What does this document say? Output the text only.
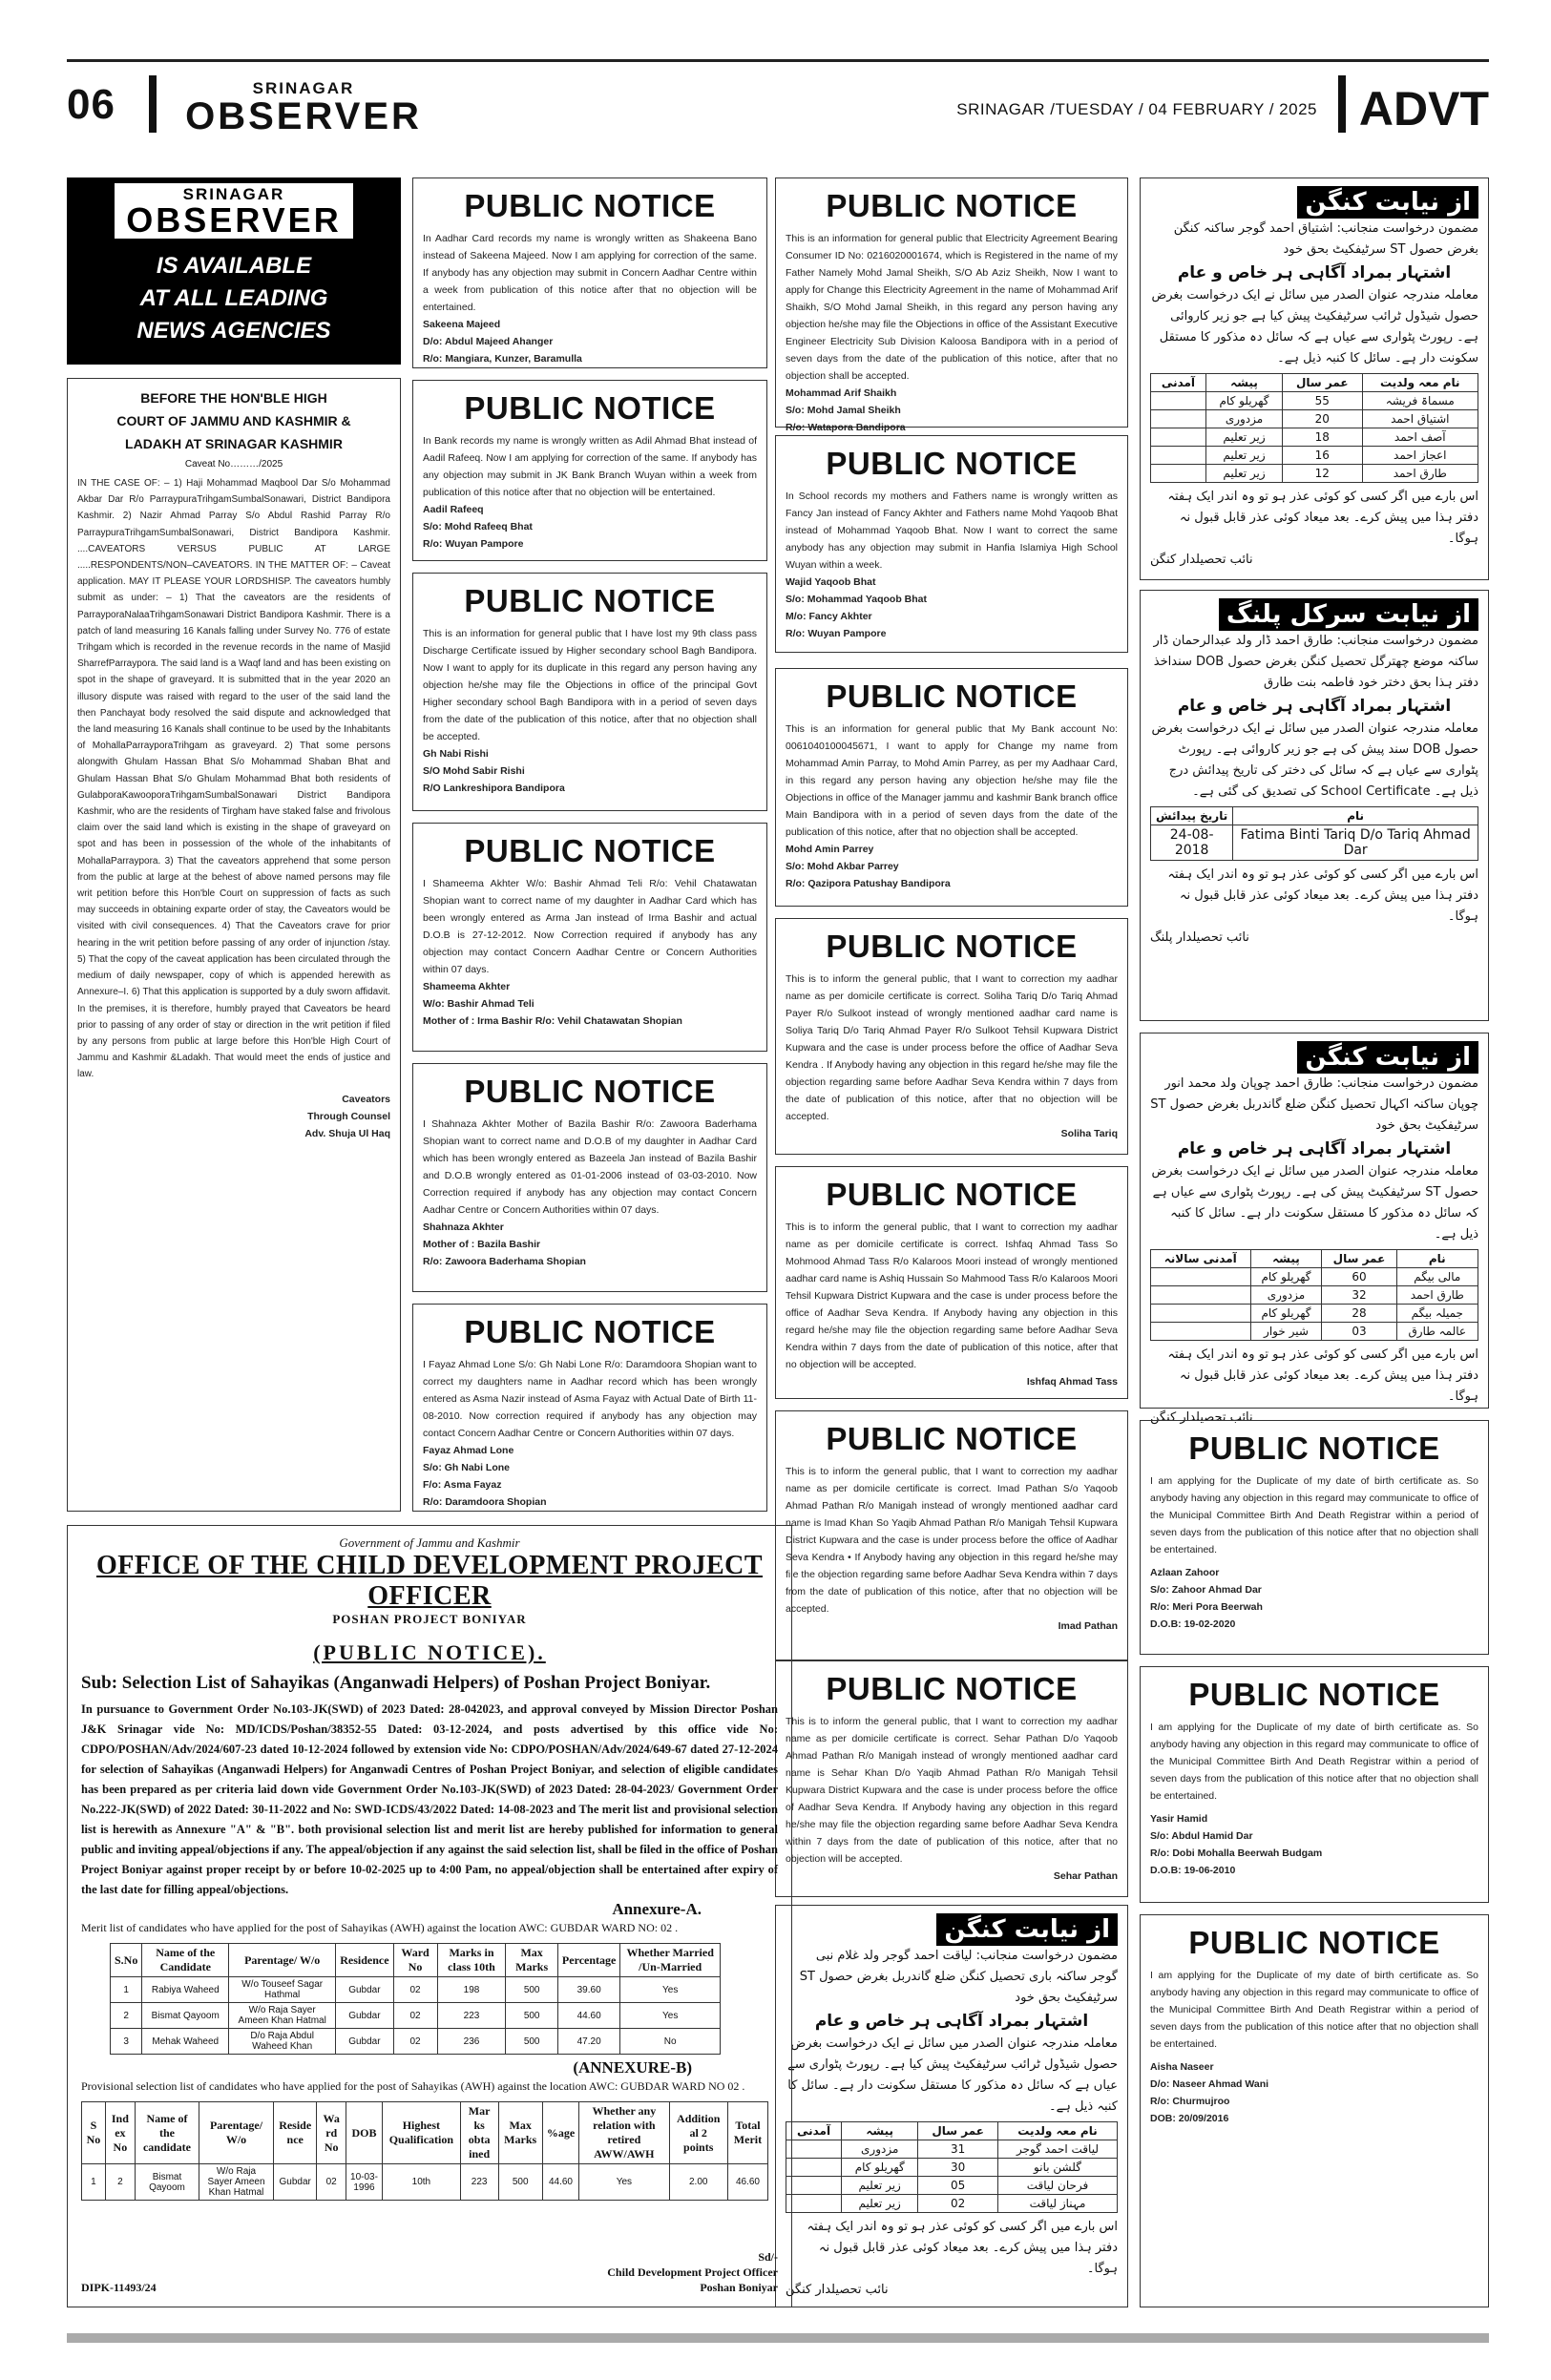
06	SRINAGAR
OBSERVER	SRINAGAR /TUESDAY / 04 FEBRUARY / 2025 ADVT
SRINAGAR
OBSERVER
IS AVAILABLE
AT ALL LEADING
NEWS AGENCIES
BEFORE THE HON'BLE HIGH
COURT OF JAMMU AND KASHMIR &
LADAKH AT SRINAGAR KASHMIR
Caveat No………/2025

IN THE CASE OF: – 1) Haji Mohammad Maqbool Dar S/o Mohammad Akbar Dar R/o ParraypuraTrihgamSumbalSonawari, District Bandipora Kashmir. 2) Nazir Ahmad Parray S/o Abdul Rashid Parray R/o ParraypuraTrihgamSumbalSonawari, District Bandipora Kashmir. ....CAVEATORS VERSUS PUBLIC AT LARGE .....RESPONDENTS/NON–CAVEATORS. IN THE MATTER OF: – Caveat application. MAY IT PLEASE YOUR LORDSHISP. The caveators humbly submit as under: – 1) That the caveators are the residents of ParrayporaNalaaTrihgamSonawari District Bandipora Kashmir. There is a patch of land measuring 16 Kanals falling under Survey No. 776 of estate Trihgam which is recorded in the revenue records in the name of Masjid SharrefParraypora. The said land is a Waqf land and has been existing on spot in the shape of graveyard. It is submitted that in the year 2020 an illusory dispute was raised with regard to the user of the said land the then Panchayat body resolved the said dispute and acknowledged that the land measuring 16 Kanals shall continue to be used by the Inhabitants of MohallaParrayporaTrihgam as graveyard. 2) That some persons alongwith Ghulam Hassan Bhat S/o Mohammad Shaban Bhat and Ghulam Hassan Bhat S/o Ghulam Mohammad Bhat both residents of GulabporaKawooporaTrihgamSumbalSonawari District Bandipora Kashmir, who are the residents of Tirgham have staked false and frivolous claim over the said land which is existing in the shape of graveyard on spot and has been in possession of the whole of the inhabitants of MohallaParraypora. 3) That the caveators apprehend that some person from the public at large at the behest of above named persons may file writ petition before this Hon'ble Court on suppression of facts as such may succeeds in obtaining exparte order of stay, the Caveators would be visited with civil consequences. 4) That the Caveators crave for prior hearing in the writ petition before passing of any order of injunction /stay. 5) That the copy of the caveat application has been circulated through the medium of daily newspaper, copy of which is appended herewith as Annexure–I. 6) That this application is supported by a duly sworn affidavit. In the premises, it is therefore, humbly prayed that Caveators be heard prior to passing of any order of stay or direction in the writ petition if filed by any persons from public at large before this Hon'ble High Court of Jammu and Kashmir &Ladakh. That would meet the ends of justice and law.

Caveators
Through Counsel
Adv. Shuja Ul Haq
PUBLIC NOTICE
In Aadhar Card records my name is wrongly written as Shakeena Bano instead of Sakeena Majeed. Now I am applying for correction of the same. If anybody has any objection may submit in Concern Aadhar Centre within a week from publication of this notice after that no objection will be entertained.
Sakeena Majeed
D/o: Abdul Majeed Ahanger
R/o: Mangiara, Kunzer, Baramulla
PUBLIC NOTICE
In Bank records my name is wrongly written as Adil Ahmad Bhat instead of Aadil Rafeeq. Now I am applying for correction of the same. If anybody has any objection may submit in JK Bank Branch Wuyan within a week from publication of this notice after that no objection will be entertained.
Aadil Rafeeq
S/o: Mohd Rafeeq Bhat
R/o: Wuyan Pampore
PUBLIC NOTICE
This is an information for general public that I have lost my 9th class pass Discharge Certificate issued by Higher secondary school Bagh Bandipora. Now I want to apply for its duplicate in this regard any person having any objection he/she may file the Objections in office of the principal Govt Higher secondary school Bagh Bandipora with in a period of seven days from the date of the publication of this notice, after that no objection shall be accepted.
Gh Nabi Rishi
S/O Mohd Sabir Rishi
R/O Lankreshipora Bandipora
PUBLIC NOTICE
I Shameema Akhter W/o: Bashir Ahmad Teli R/o: Vehil Chatawatan Shopian want to correct name of my daughter in Aadhar Card which has been wrongly entered as Arma Jan instead of Irma Bashir and actual D.O.B is 27-12-2012. Now Correction required if anybody has any objection may contact Concern Aadhar Centre or Concern Authorities within 07 days.
Shameema Akhter
W/o: Bashir Ahmad Teli
Mother of : Irma Bashir R/o: Vehil Chatawatan Shopian
PUBLIC NOTICE
I Shahnaza Akhter Mother of Bazila Bashir R/o: Zawoora Baderhama Shopian want to correct name and D.O.B of my daughter in Aadhar Card which has been wrongly entered as Bazeela Jan instead of Bazila Bashir and D.O.B wrongly entered as 01-01-2006 instead of 03-03-2010. Now Correction required if anybody has any objection may contact Concern Aadhar Centre or Concern Authorities within 07 days.
Shahnaza Akhter
Mother of : Bazila Bashir
R/o: Zawoora Baderhama Shopian
PUBLIC NOTICE
I Fayaz Ahmad Lone S/o: Gh Nabi Lone R/o: Daramdoora Shopian want to correct my daughters name in Aadhar record which has been wrongly entered as Asma Nazir instead of Asma Fayaz with Actual Date of Birth 11-08-2010. Now correction required if anybody has any objection may contact Concern Aadhar Centre or Concern Authorities within 07 days.
Fayaz Ahmad Lone
S/o: Gh Nabi Lone
F/o: Asma Fayaz
R/o: Daramdoora Shopian
PUBLIC NOTICE
This is an information for general public that Electricity Agreement Bearing Consumer ID No: 0216020001674, which is Registered in the name of my Father Namely Mohd Jamal Sheikh, S/O Ab Aziz Sheikh, Now I want to apply for Change this Electricity Agreement in the name of Mohammad Arif Shaikh, S/O Mohd Jamal Sheikh, in this regard any person having any objection he/she may file the Objections in office of the Assistant Executive Engineer Electricity Sub Division Kaloosa Bandipora with in a period of seven days from the date of the publication of this notice, after that no objection shall be accepted.
Mohammad Arif Shaikh
S/o: Mohd Jamal Sheikh
R/o: Watapora Bandipora
PUBLIC NOTICE
In School records my mothers and Fathers name is wrongly written as Fancy Jan instead of Fancy Akhter and Fathers name Mohd Yaqoob Bhat instead of Mohammad Yaqoob Bhat. Now I want to correct the same anybody has any objection may submit in Hanfia Islamiya High School Wuyan within a week.
Wajid Yaqoob Bhat
S/o: Mohammad Yaqoob Bhat
M/o: Fancy Akhter
R/o: Wuyan Pampore
PUBLIC NOTICE
This is an information for general public that My Bank account No: 0061040100045671, I want to apply for Change my name from Mohammad Amin Parray, to Mohd Amin Parrey, as per my Aadhaar Card, in this regard any person having any objection he/she may file the Objections in office of the Manager jammu and kashmir Bank branch office Main Bandipora with in a period of seven days from the date of the publication of this notice, after that no objection shall be accepted.
Mohd Amin Parrey
S/o: Mohd Akbar Parrey
R/o: Qazipora Patushay Bandipora
PUBLIC NOTICE
This is to inform the general public, that I want to correction my aadhar name as per domicile certificate is correct. Soliha Tariq D/o Tariq Ahmad Payer R/o Sulkoot instead of wrongly mentioned aadhar card name is Soliya Tariq D/o Tariq Ahmad Payer R/o Sulkoot Tehsil Kupwara District Kupwara and the case is under process before the office of Aadhar Seva Kendra . If Anybody having any objection in this regard he/she may file the objection regarding same before Aadhar Seva Kendra within 7 days from the date of publication of this notice, after that no objection will be accepted.
Soliha Tariq
PUBLIC NOTICE
This is to inform the general public, that I want to correction my aadhar name as per domicile certificate is correct. Ishfaq Ahmad Tass So Mohmood Ahmad Tass R/o Kalaroos Moori instead of wrongly mentioned aadhar card name is Ashiq Hussain So Mahmood Tass R/o Kalaroos Moori Tehsil Kupwara District Kupwara and the case is under process before the office of Aadhar Seva Kendra. If Anybody having any objection in this regard he/she may file the objection regarding same before Aadhar Seva Kendra within 7 days from the date of publication of this notice, after that no objection will be accepted.
Ishfaq Ahmad Tass
PUBLIC NOTICE
This is to inform the general public, that I want to correction my aadhar name as per domicile certificate is correct. Imad Pathan S/o Yaqoob Ahmad Pathan R/o Manigah instead of wrongly mentioned aadhar card name is Imad Khan So Yaqib Ahmad Pathan R/o Manigah Tehsil Kupwara District Kupwara and the case is under process before the office of Aadhar Seva Kendra • If Anybody having any objection in this regard he/she may file the objection regarding same before Aadhar Seva Kendra within 7 days from the date of publication of this notice, after that no objection will be accepted.
Imad Pathan
PUBLIC NOTICE
This is to inform the general public, that I want to correction my aadhar name as per domicile certificate is correct. Sehar Pathan D/o Yaqoob Ahmad Pathan R/o Manigah instead of wrongly mentioned aadhar card name is Sehar Khan D/o Yaqib Ahmad Pathan R/o Manigah Tehsil Kupwara District Kupwara and the case is under process before the office of Aadhar Seva Kendra. If Anybody having any objection in this regard he/she may file the objection regarding same before Aadhar Seva Kendra within 7 days from the date of publication of this notice, after that no objection will be accepted.
Sehar Pathan
از نیابت کنگن
مضمون درخواست منجانب: اشتیاق احمد گوجر ساکنہ کنگن بغرض حصول ST سرٹیفکیٹ بحق خود
اشتہار بمراد آگاہی ہر خاص و عام
معاملہ مندرجہ عنوان الصدر میں سائل نے ایک درخواست بغرض حصول شیڈول ٹرائب سرٹیفکیٹ پیش کیا ہے جو زیر کاروائی ہے۔ رپورٹ پٹواری سے عیاں ہے کہ سائل دہ مذکور کا مستقل سکونت دار ہے۔ سائل کا کنبہ ذیل ہے۔
نام معہ ولدیت	عمر سال	پیشہ	آمدنی
مسماۃ فریشہ	55	گھریلو کام	
اشتیاق احمد	20	مزدوری	
آصف احمد	18	زیر تعلیم	
اعجاز احمد	16	زیر تعلیم	
طارق احمد	12	زیر تعلیم	
اس بارے میں اگر کسی کو کوئی عذر ہو تو وہ اندر ایک ہفتہ دفتر ہذا میں پیش کرے۔ بعد میعاد کوئی عذر قابل قبول نہ ہوگا۔
نائب تحصیلدار کنگن
از نیابت سرکل پلنگ
مضمون درخواست منجانب: طارق احمد ڈار ولد عبدالرحمان ڈار ساکنہ موضع چھترگل تحصیل کنگن بغرض حصول DOB سنداخذ دفتر ہذا بحق دختر خود فاطمہ بنت طارق
اشتہار بمراد آگاہی ہر خاص و عام
معاملہ مندرجہ عنوان الصدر میں سائل نے ایک درخواست بغرض حصول DOB سند پیش کی ہے جو زیر کاروائی ہے۔ رپورٹ پٹواری سے عیاں ہے کہ سائل کی دختر کی تاریخ پیدائش درج ذیل ہے۔ School Certificate کی تصدیق کی گئی ہے۔
نام	تاریخ پیدائش
Fatima Binti Tariq D/o Tariq Ahmad Dar	24-08-2018
اس بارے میں اگر کسی کو کوئی عذر ہو تو وہ اندر ایک ہفتہ دفتر ہذا میں پیش کرے۔ بعد میعاد کوئی عذر قابل قبول نہ ہوگا۔
نائب تحصیلدار پلنگ
از نیابت کنگن
مضمون درخواست منجانب: طارق احمد چوپان ولد محمد انور چوپان ساکنہ اکہال تحصیل کنگن ضلع گاندربل بغرض حصول ST سرٹیفکیٹ بحق خود
اشتہار بمراد آگاہی ہر خاص و عام
معاملہ مندرجہ عنوان الصدر میں سائل نے ایک درخواست بغرض حصول ST سرٹیفکیٹ پیش کی ہے۔ رپورٹ پٹواری سے عیاں ہے کہ سائل دہ مذکور کا مستقل سکونت دار ہے۔ سائل کا کنبہ ذیل ہے۔
نام	عمر سال	پیشہ	آمدنی سالانہ
مالی بیگم	60	گھریلو کام	
طارق احمد	32	مزدوری	
جمیلہ بیگم	28	گھریلو کام	
عالمہ طارق	03	شیر خوار	
اس بارے میں اگر کسی کو کوئی عذر ہو تو وہ اندر ایک ہفتہ دفتر ہذا میں پیش کرے۔ بعد میعاد کوئی عذر قابل قبول نہ ہوگا۔
نائب تحصیلدار کنگن
PUBLIC NOTICE
I am applying for the Duplicate of my date of birth certificate as. So anybody having any objection in this regard may communicate to office of the Municipal Committee Birth And Death Registrar within a period of seven days from the publication of this notice after that no objection shall be entertained.
Azlaan Zahoor
S/o: Zahoor Ahmad Dar
R/o: Meri Pora Beerwah
D.O.B: 19-02-2020
PUBLIC NOTICE
I am applying for the Duplicate of my date of birth certificate as. So anybody having any objection in this regard may communicate to office of the Municipal Committee Birth And Death Registrar within a period of seven days from the publication of this notice after that no objection shall be entertained.
Yasir Hamid
S/o: Abdul Hamid Dar
R/o: Dobi Mohalla Beerwah Budgam
D.O.B: 19-06-2010
PUBLIC NOTICE
I am applying for the Duplicate of my date of birth certificate as. So anybody having any objection in this regard may communicate to office of the Municipal Committee Birth And Death Registrar within a period of seven days from the publication of this notice after that no objection shall be entertained.
Aisha Naseer
D/o: Naseer Ahmad Wani
R/o: Churmujroo
DOB: 20/09/2016
از نیابت کنگن
مضمون درخواست منجانب: لیاقت احمد گوجر ولد غلام نبی گوجر ساکنہ باری تحصیل کنگن ضلع گاندربل بغرض حصول ST سرٹیفکیٹ بحق خود
اشتہار بمراد آگاہی ہر خاص و عام
معاملہ مندرجہ عنوان الصدر میں سائل نے ایک درخواست بغرض حصول شیڈول ٹرائب سرٹیفکیٹ پیش کیا ہے۔ رپورٹ پٹواری سے عیاں ہے کہ سائل دہ مذکور کا مستقل سکونت دار ہے۔ سائل کا کنبہ ذیل ہے۔
نام معہ ولدیت	عمر سال	پیشہ	آمدنی
لیاقت احمد گوجر	31	مزدوری	
گلشن بانو	30	گھریلو کام	
فرحان لیاقت	05	زیر تعلیم	
مہناز لیاقت	02	زیر تعلیم	
اس بارے میں اگر کسی کو کوئی عذر ہو تو وہ اندر ایک ہفتہ دفتر ہذا میں پیش کرے۔ بعد میعاد کوئی عذر قابل قبول نہ ہوگا۔
نائب تحصیلدار کنگن
Government of Jammu and Kashmir
OFFICE OF THE CHILD DEVELOPMENT PROJECT OFFICER
POSHAN PROJECT BONIYAR
(PUBLIC NOTICE).
Sub: Selection List of Sahayikas (Anganwadi Helpers) of Poshan Project Boniyar.
In pursuance to Government Order No.103-JK(SWD) of 2023 Dated: 28-042023, and approval conveyed by Mission Director Poshan J&K Srinagar vide No: MD/ICDS/Poshan/38352-55 Dated: 03-12-2024, and posts advertised by this office vide No: CDPO/POSHAN/Adv/2024/607-23 dated 10-12-2024 followed by extension vide No: CDPO/POSHAN/Adv/2024/649-67 dated 27-12-2024 for selection of Sahayikas (Anganwadi Helpers) for Anganwadi Centres of Poshan Project Boniyar, and selection of eligible candidates has been prepared as per criteria laid down vide Government Order No.103-JK(SWD) of 2023 Dated: 28-04-2023/ Government Order No.222-JK(SWD) of 2022 Dated: 30-11-2022 and No: SWD-ICDS/43/2022 Dated: 14-08-2023 and The merit list and provisional selection list is herewith as Annexure "A" & "B". both provisional selection list and merit list are hereby published for information to general public and inviting appeal/objections if any. The appeal/objection if any against the said selection list, shall be filed in the office of Poshan Project Boniyar against proper receipt by or before 10-02-2025 up to 4:00 Pam, no appeal/objection shall be entertained after expiry of the last date for filling appeal/objections.
Annexure-A.
Merit list of candidates who have applied for the post of Sahayikas (AWH) against the location AWC: GUBDAR WARD NO: 02 .
S.No	Name of the Candidate	Parentage/ W/o	Residence	Ward No	Marks in class 10th	Max Marks	Percentage	Whether Married /Un-Married
1	Rabiya Waheed	W/o Touseef Sagar Hathmal	Gubdar	02	198	500	39.60	Yes
2	Bismat Qayoom	W/o Raja Sayer Ameen Khan Hatmal	Gubdar	02	223	500	44.60	Yes
3	Mehak Waheed	D/o Raja Abdul Waheed Khan	Gubdar	02	236	500	47.20	No
(ANNEXURE-B)
Provisional selection list of candidates who have applied for the post of Sahayikas (AWH) against the location AWC: GUBDAR WARD NO 02 .
S No	Ind ex No	Name of the candidate	Parentage/ W/o	Reside nce	Wa rd No	DOB	Highest Qualification	Mar ks obta ined	Max Marks	%age	Whether any relation with retired AWW/AWH	Addition al 2 points	Total Merit
1	2	Bismat Qayoom	W/o Raja Sayer Ameen Khan Hatmal	Gubdar	02	10-03-1996	10th	223	500	44.60	Yes	2.00	46.60
Sd/-
Child Development Project Officer
Poshan Boniyar
DIPK-11493/24
